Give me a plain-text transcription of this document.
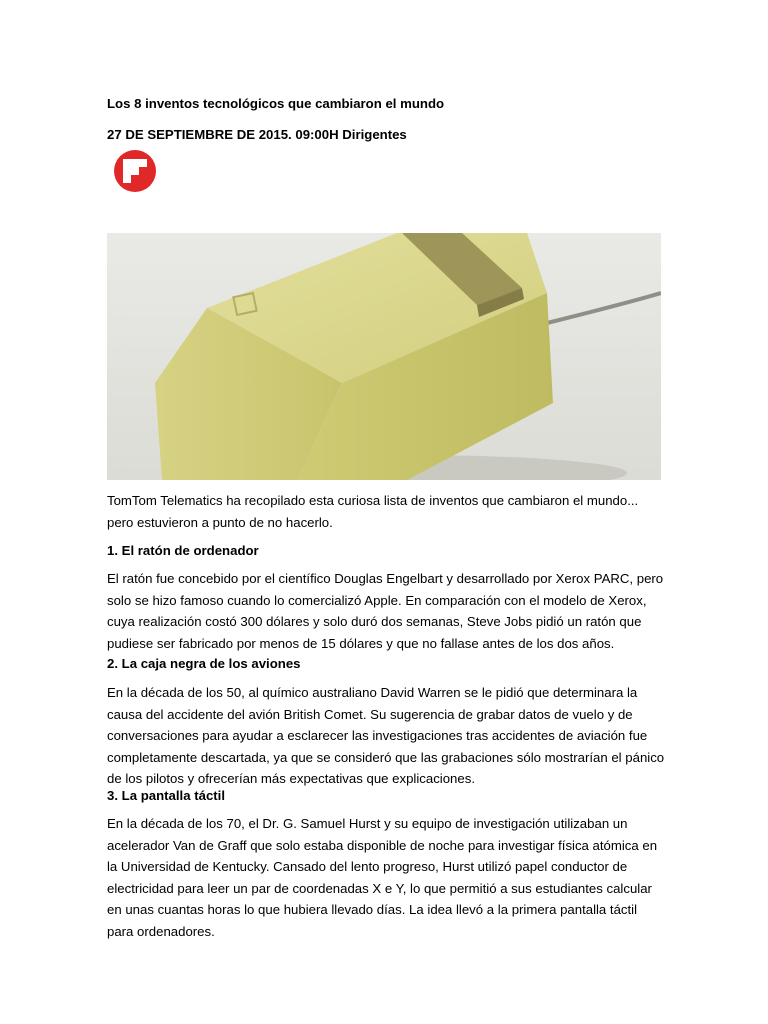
Los 8 inventos tecnológicos que cambiaron el mundo
27 DE SEPTIEMBRE DE 2015. 09:00H Dirigentes

TomTom Telematics ha recopilado esta curiosa lista de inventos que cambiaron el mundo... pero estuvieron a punto de no hacerlo.

1. El ratón de ordenador

El ratón fue concebido por el científico Douglas Engelbart y desarrollado por Xerox PARC, pero solo se hizo famoso cuando lo comercializó Apple. En comparación con el modelo de Xerox, cuya realización costó 300 dólares y solo duró dos semanas, Steve Jobs pidió un ratón que pudiese ser fabricado por menos de 15 dólares y que no fallase antes de los dos años.

2. La caja negra de los aviones

En la década de los 50, al químico australiano David Warren se le pidió que determinara la causa del accidente del avión British Comet. Su sugerencia de grabar datos de vuelo y de conversaciones para ayudar a esclarecer las investigaciones tras accidentes de aviación fue completamente descartada, ya que se consideró que las grabaciones sólo mostrarían el pánico de los pilotos y ofrecerían más expectativas que explicaciones.

3. La pantalla táctil

En la década de los 70, el Dr. G. Samuel Hurst y su equipo de investigación utilizaban un acelerador Van de Graff que solo estaba disponible de noche para investigar física atómica en la Universidad de Kentucky. Cansado del lento progreso, Hurst utilizó papel conductor de electricidad para leer un par de coordenadas X e Y, lo que permitió a sus estudiantes calcular en unas cuantas horas lo que hubiera llevado días. La idea llevó a la primera pantalla táctil para ordenadores.
